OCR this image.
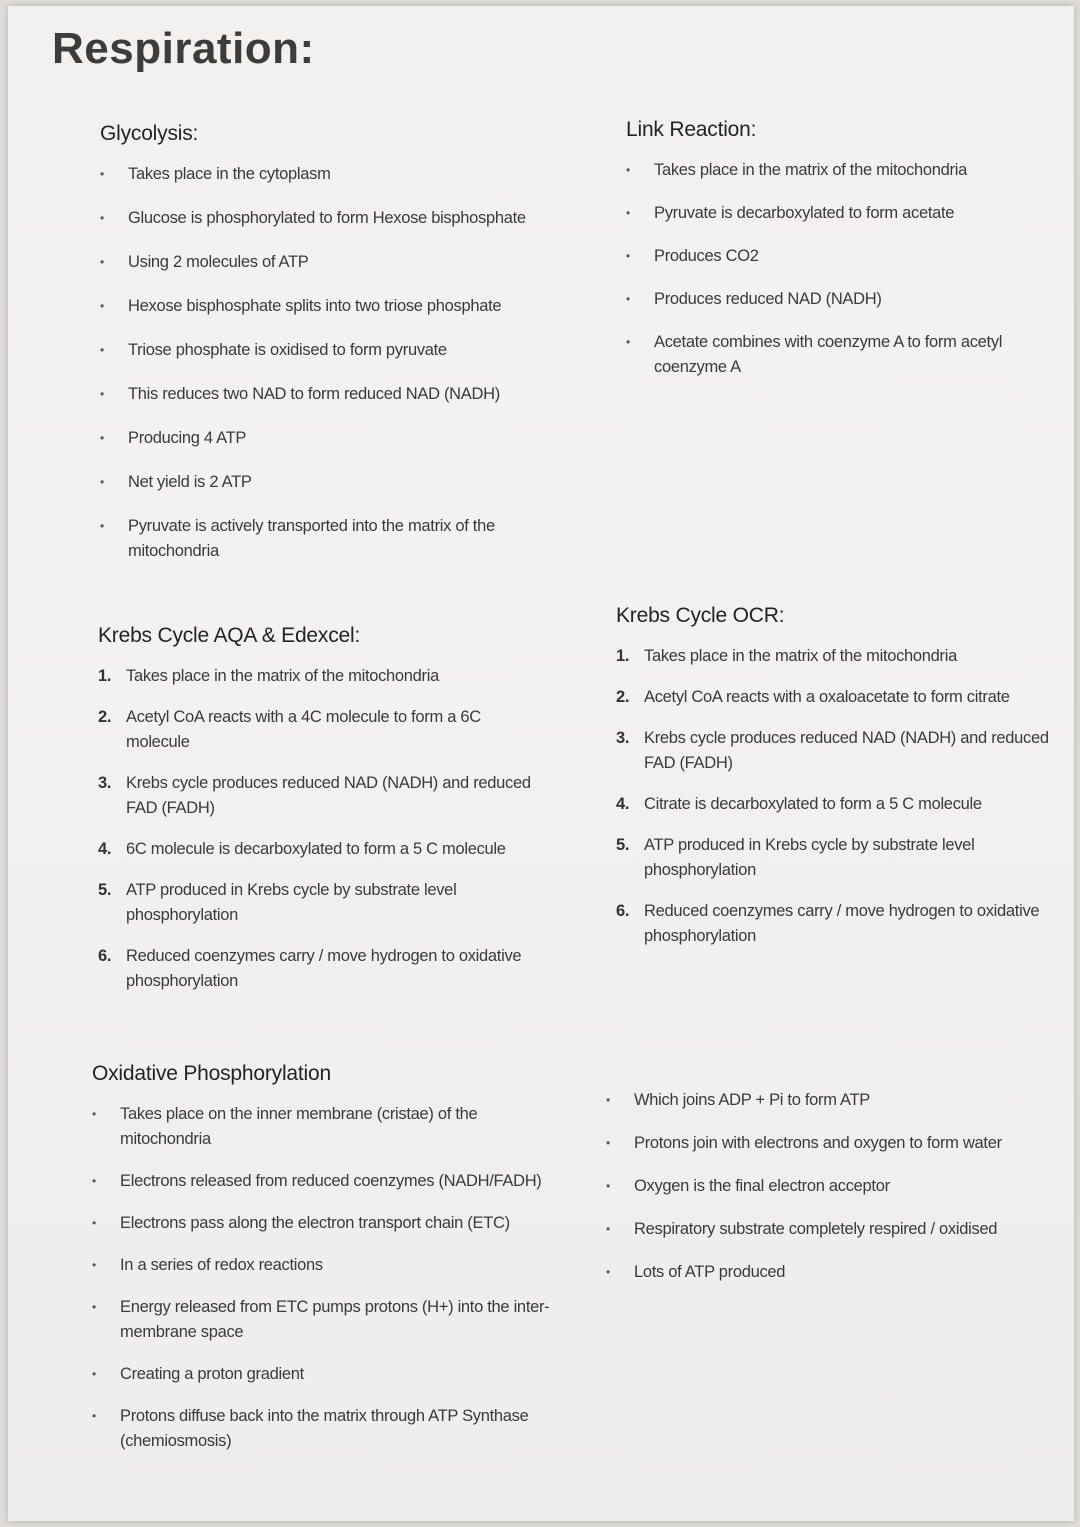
Respiration:
Glycolysis:
• Takes place in the cytoplasm
• Glucose is phosphorylated to form Hexose bisphosphate
• Using 2 molecules of ATP
• Hexose bisphosphate splits into two triose phosphate
• Triose phosphate is oxidised to form pyruvate
• This reduces two NAD to form reduced NAD (NADH)
• Producing 4 ATP
• Net yield is 2 ATP
• Pyruvate is actively transported into the matrix of the mitochondria
Link Reaction:
• Takes place in the matrix of the mitochondria
• Pyruvate is decarboxylated to form acetate
• Produces CO2
• Produces reduced NAD (NADH)
• Acetate combines with coenzyme A to form acetyl coenzyme A
Krebs Cycle AQA & Edexcel:
1. Takes place in the matrix of the mitochondria
2. Acetyl CoA reacts with a 4C molecule to form a 6C molecule
3. Krebs cycle produces reduced NAD (NADH) and reduced FAD (FADH)
4. 6C molecule is decarboxylated to form a 5 C molecule
5. ATP produced in Krebs cycle by substrate level phosphorylation
6. Reduced coenzymes carry / move hydrogen to oxidative phosphorylation
Krebs Cycle OCR:
1. Takes place in the matrix of the mitochondria
2. Acetyl CoA reacts with a oxaloacetate to form citrate
3. Krebs cycle produces reduced NAD (NADH) and reduced FAD (FADH)
4. Citrate is decarboxylated to form a 5 C molecule
5. ATP produced in Krebs cycle by substrate level phosphorylation
6. Reduced coenzymes carry / move hydrogen to oxidative phosphorylation
Oxidative Phosphorylation
• Takes place on the inner membrane (cristae) of the mitochondria
• Electrons released from reduced coenzymes (NADH/FADH)
• Electrons pass along the electron transport chain (ETC)
• In a series of redox reactions
• Energy released from ETC pumps protons (H+) into the inter-membrane space
• Creating a proton gradient
• Protons diffuse back into the matrix through ATP Synthase (chemiosmosis)
• Which joins ADP + Pi to form ATP
• Protons join with electrons and oxygen to form water
• Oxygen is the final electron acceptor
• Respiratory substrate completely respired / oxidised
• Lots of ATP produced
